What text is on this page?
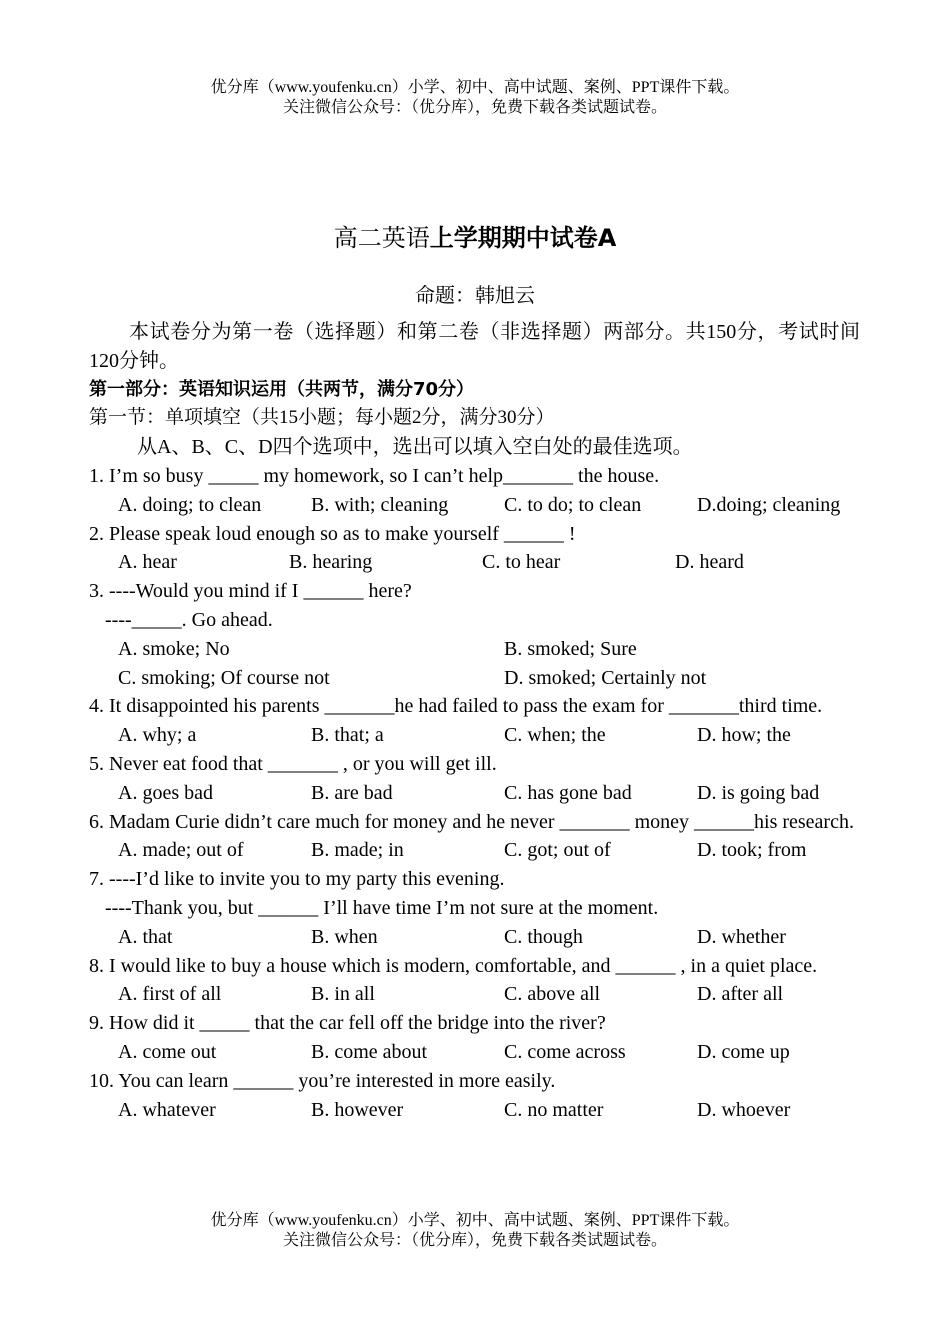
优分库（www.youfenku.cn）小学、初中、高中试题、案例、PPT课件下载。
关注微信公众号：（优分库），免费下载各类试题试卷。
高二英语上学期期中试卷A
命题：韩旭云
本试卷分为第一卷（选择题）和第二卷（非选择题）两部分。共150分，考试时间120分钟。
第一部分：英语知识运用（共两节，满分70分）
第一节：单项填空（共15小题；每小题2分，满分30分）
从A、B、C、D四个选项中，选出可以填入空白处的最佳选项。
1. I’m so busy _____ my homework, so I can’t help_______ the house.
A. doing; to clean	B. with; cleaning	C. to do; to clean	D.doing; cleaning
2. Please speak loud enough so as to make yourself ______ !
A. hear	B. hearing	C. to hear	D. heard
3. ----Would you mind if I ______ here?
----_____. Go ahead.
A. smoke; No	B. smoked; Sure
C. smoking; Of course not	D. smoked; Certainly not
4. It disappointed his parents _______he had failed to pass the exam for _______third time.
A. why; a	B. that; a	C. when; the	D. how; the
5. Never eat food that _______ , or you will get ill.
A. goes bad	B. are bad	C. has gone bad	D. is going bad
6. Madam Curie didn’t care much for money and he never _______ money ______his research.
A. made; out of	B. made; in	C. got; out of	D. took; from
7. ----I’d like to invite you to my party this evening.
----Thank you, but ______ I’ll have time I’m not sure at the moment.
A. that	B. when	C. though	D. whether
8. I would like to buy a house which is modern, comfortable, and ______ , in a quiet place.
A. first of all	B. in all	C. above all	D. after all
9. How did it _____ that the car fell off the bridge into the river?
A. come out	B. come about	C. come across	D. come up
10. You can learn ______ you’re interested in more easily.
A. whatever	B. however	C. no matter	D. whoever
优分库（www.youfenku.cn）小学、初中、高中试题、案例、PPT课件下载。
关注微信公众号：（优分库），免费下载各类试题试卷。
